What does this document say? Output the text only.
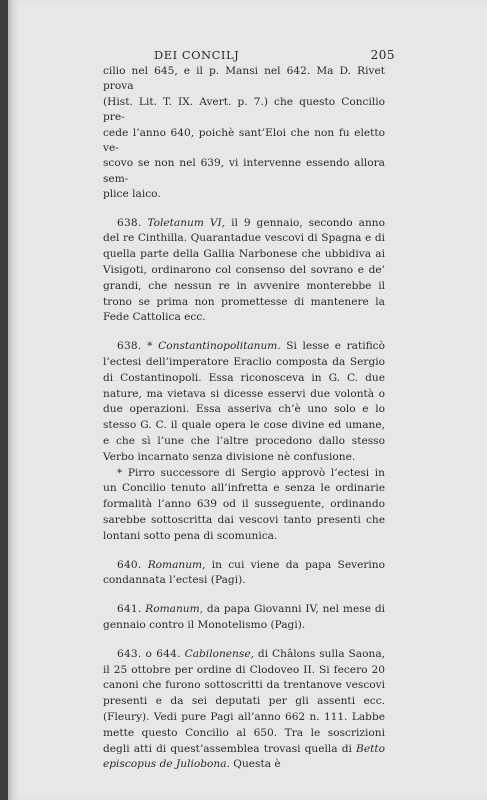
DEI CONCILJ	205

cilio nel 645, e il p. Mansi nel 642. Ma D. Rivet prova

(Hist. Lit. T. IX. Avert. p. 7.) che questo Concilio pre-

cede l’anno 640, poichè sant’Eloi che non fu eletto ve-

scovo se non nel 639, vi intervenne essendo allora sem-

plice laico.

638. Toletanum VI, il 9 gennaio, secondo anno del re Cinthilla. Quarantadue vescovi di Spagna e di quella parte della Gallia Narbonese che ubbidiva ai Visigoti, ordinarono col consenso del sovrano e de’ grandi, che nessun re in avvenire monterebbe il trono se prima non promettesse di mantenere la Fede Cattolica ecc.

638. * Constantinopolitanum. Si lesse e ratificò l’ectesi dell’imperatore Eraclio composta da Sergio di Costantinopoli. Essa riconosceva in G. C. due nature, ma vietava si dicesse esservi due volontà o due operazioni. Essa asseriva ch’è uno solo e lo stesso G. C. il quale opera le cose divine ed umane, e che sì l’une che l’altre procedono dallo stesso Verbo incarnato senza divisione nè confusione.

* Pirro successore di Sergio approvò l’ectesi in un Concilio tenuto all’infretta e senza le ordinarie formalità l’anno 639 od il susseguente, ordinando sarebbe sottoscritta dai vescovi tanto presenti che lontani sotto pena di scomunica.

640. Romanum, in cui viene da papa Severino condannata l’ectesi (Pagi).

641. Romanum, da papa Giovanni IV, nel mese di gennaio contro il Monotelismo (Pagi).

643. o 644. Cabilonense, di Châlons sulla Saona, il 25 ottobre per ordine di Clodoveo II. Si fecero 20 canoni che furono sottoscritti da trentanove vescovi presenti e da sei deputati per gli assenti ecc. (Fleury). Vedi pure Pagi all’anno 662 n. 111. Labbe mette questo Concilio al 650. Tra le soscrizioni degli atti di quest’assemblea trovasi quella di Betto episcopus de Juliobona. Questa è
